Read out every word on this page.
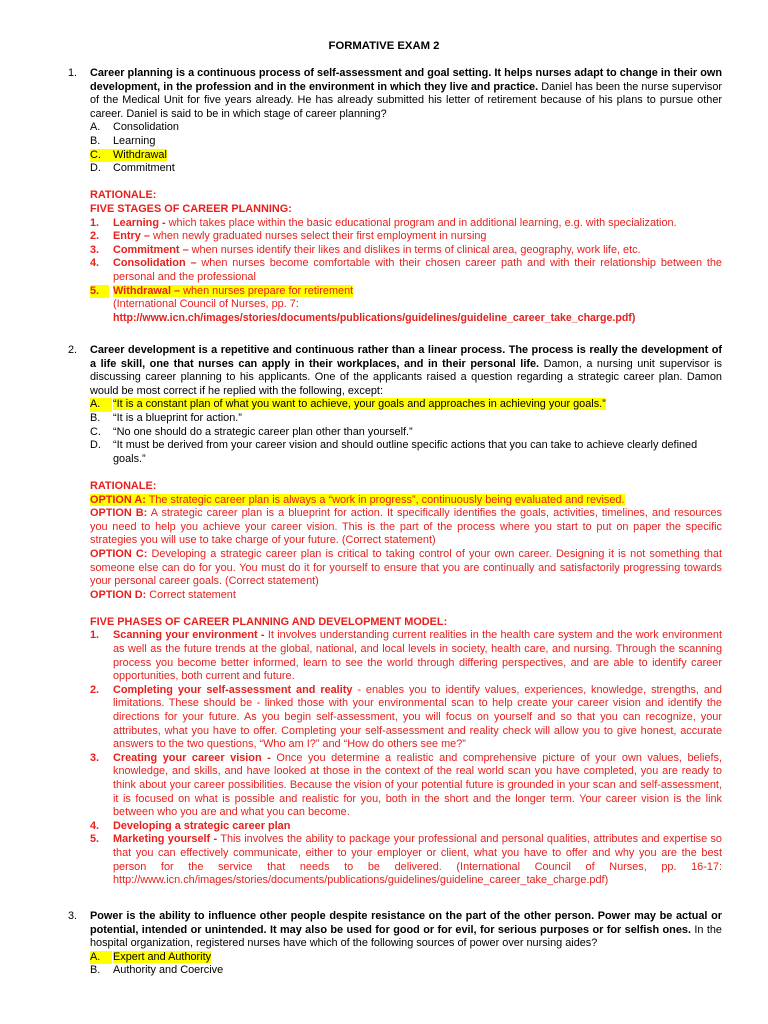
FORMATIVE EXAM 2
1. Career planning is a continuous process of self-assessment and goal setting. It helps nurses adapt to change in their own development, in the profession and in the environment in which they live and practice. Daniel has been the nurse supervisor of the Medical Unit for five years already. He has already submitted his letter of retirement because of his plans to pursue other career. Daniel is said to be in which stage of career planning?
A. Consolidation
B. Learning
C.	Withdrawal
D. Commitment
RATIONALE:
FIVE STAGES OF CAREER PLANNING:
1. Learning - which takes place within the basic educational program and in additional learning, e.g. with specialization.
2. Entry – when newly graduated nurses select their first employment in nursing
3. Commitment – when nurses identify their likes and dislikes in terms of clinical area, geography, work life, etc.
4. Consolidation – when nurses become comfortable with their chosen career path and with their relationship between the personal and the professional
5.	Withdrawal – when nurses prepare for retirement
(International Council of Nurses, pp. 7:
http://www.icn.ch/images/stories/documents/publications/guidelines/guideline_career_take_charge.pdf)
2. Career development is a repetitive and continuous rather than a linear process. The process is really the development of a life skill, one that nurses can apply in their workplaces, and in their personal life. Damon, a nursing unit supervisor is discussing career planning to his applicants. One of the applicants raised a question regarding a strategic career plan. Damon would be most correct if he replied with the following, except:
A.	“It is a constant plan of what you want to achieve, your goals and approaches in achieving your goals.”
B. “It is a blueprint for action.”
C. “No one should do a strategic career plan other than yourself.”
D. “It must be derived from your career vision and should outline specific actions that you can take to achieve clearly defined goals.”
RATIONALE:
OPTION A: The strategic career plan is always a “work in progress”, continuously being evaluated and revised.
OPTION B: A strategic career plan is a blueprint for action. It specifically identifies the goals, activities, timelines, and resources you need to help you achieve your career vision. This is the part of the process where you start to put on paper the specific strategies you will use to take charge of your future. (Correct statement)
OPTION C: Developing a strategic career plan is critical to taking control of your own career. Designing it is not something that someone else can do for you. You must do it for yourself to ensure that you are continually and satisfactorily progressing towards your personal career goals. (Correct statement)
OPTION D: Correct statement
FIVE PHASES OF CAREER PLANNING AND DEVELOPMENT MODEL:
1. Scanning your environment - It involves understanding current realities in the health care system and the work environment as well as the future trends at the global, national, and local levels in society, health care, and nursing. Through the scanning process you become better informed, learn to see the world through differing perspectives, and are able to identify career opportunities, both current and future.
2. Completing your self-assessment and reality - enables you to identify values, experiences, knowledge, strengths, and limitations. These should be - linked those with your environmental scan to help create your career vision and identify the directions for your future. As you begin self-assessment, you will focus on yourself and so that you can recognize, your attributes, what you have to offer. Completing your self-assessment and reality check will allow you to give honest, accurate answers to the two questions, “Who am I?” and “How do others see me?”
3. Creating your career vision - Once you determine a realistic and comprehensive picture of your own values, beliefs, knowledge, and skills, and have looked at those in the context of the real world scan you have completed, you are ready to think about your career possibilities. Because the vision of your potential future is grounded in your scan and self-assessment, it is focused on what is possible and realistic for you, both in the short and the longer term. Your career vision is the link between who you are and what you can become.
4. Developing a strategic career plan
5. Marketing yourself - This involves the ability to package your professional and personal qualities, attributes and expertise so that you can effectively communicate, either to your employer or client, what you have to offer and why you are the best person for the service that needs to be delivered. (International Council of Nurses, pp. 16-17: http://www.icn.ch/images/stories/documents/publications/guidelines/guideline_career_take_charge.pdf)
3. Power is the ability to influence other people despite resistance on the part of the other person. Power may be actual or potential, intended or unintended. It may also be used for good or for evil, for serious purposes or for selfish ones. In the hospital organization, registered nurses have which of the following sources of power over nursing aides?
A.	Expert and Authority
B. Authority and Coercive
